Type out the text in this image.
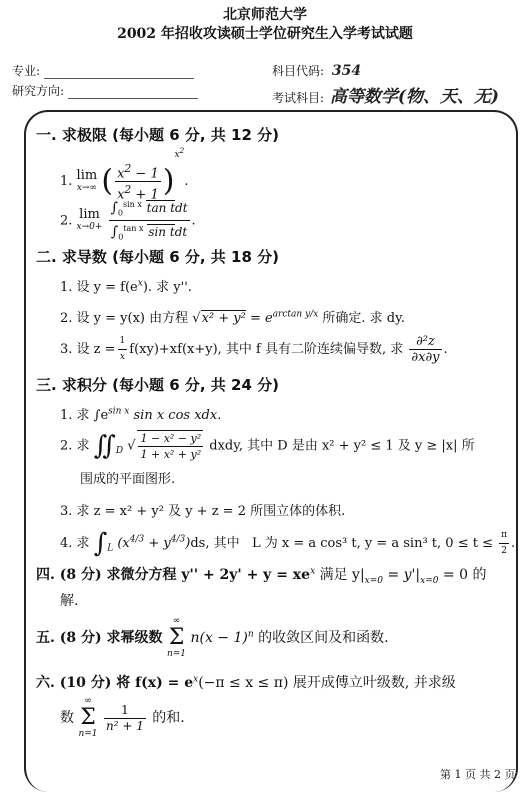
北京师范大学
2002 年招收攻读硕士学位研究生入学考试试题
专业:
研究方向:
科目代码: 354
考试科目: 高等数学(物、天、无)
一. 求极限 (每小题 6 分, 共 12 分)
1. lim
x→∞ ( $\frac{x^2 - 1}{x^2 + 1} )^{x^2}$.
2. lim
x→0+

$\int_0^{sin x}$ tan tdt
$\int_0^{tan x}$ sin tdt
.
二. 求导数 (每小题 6 分, 共 18 分)
1. 设 $y = f(e^x)$. 求 y''.
2. 设 y = y(x) 由方程 $√x^2 + y^2 = e^{arctan y/x}$ 所确定. 求 dy.
3. 设 $z = \frac{1}{x} f(xy)+xf(x+y)$, 其中 f 具有二阶连续偏导数, 求 $\frac{\text{∂²z}}{\partial x\partial y}$ .
三. 求积分 (每小题 6 分, 共 24 分)
1. 求 $\int e^{sin x}$ sin x cos xdx.
2. 求 $∬_D$ √ $\frac{\text{1 − x² − y²}}{\text{1 + x² + y²}}$ dxdy, 其中 D 是由 x² + y² ≤ 1 及 y ≥ |x| 所
围成的平面图形.
3. 求 z = x² + y² 及 y + z = 2 所围立体的体积.
4. 求 $\int_L$ $(x^{4/3} + y^{4/3})ds$, 其中 L 为 x = a cos³ t, y = a sin³ t, $0 \le t \le \frac{\pi}{2}$ .
四. (8 分) 求微分方程 $y'' + 2y' + y = xe^x$ 满足 $y|_{x=0} = y'|_{x=0} = 0$ 的
解.
五. (8 分) 求幂级数
∞
Σ
n=1
$n(x - 1)^n$ 的收敛区间及和函数.
六. (10 分) 将 $f(x) = e^x(-\pi \le x \le \pi)$ 展开成傅立叶级数, 并求级
数
∞
Σ
n=1

$\frac{1}{\text{n² + 1}}$ 的和.
第 1 页 共 2 页
